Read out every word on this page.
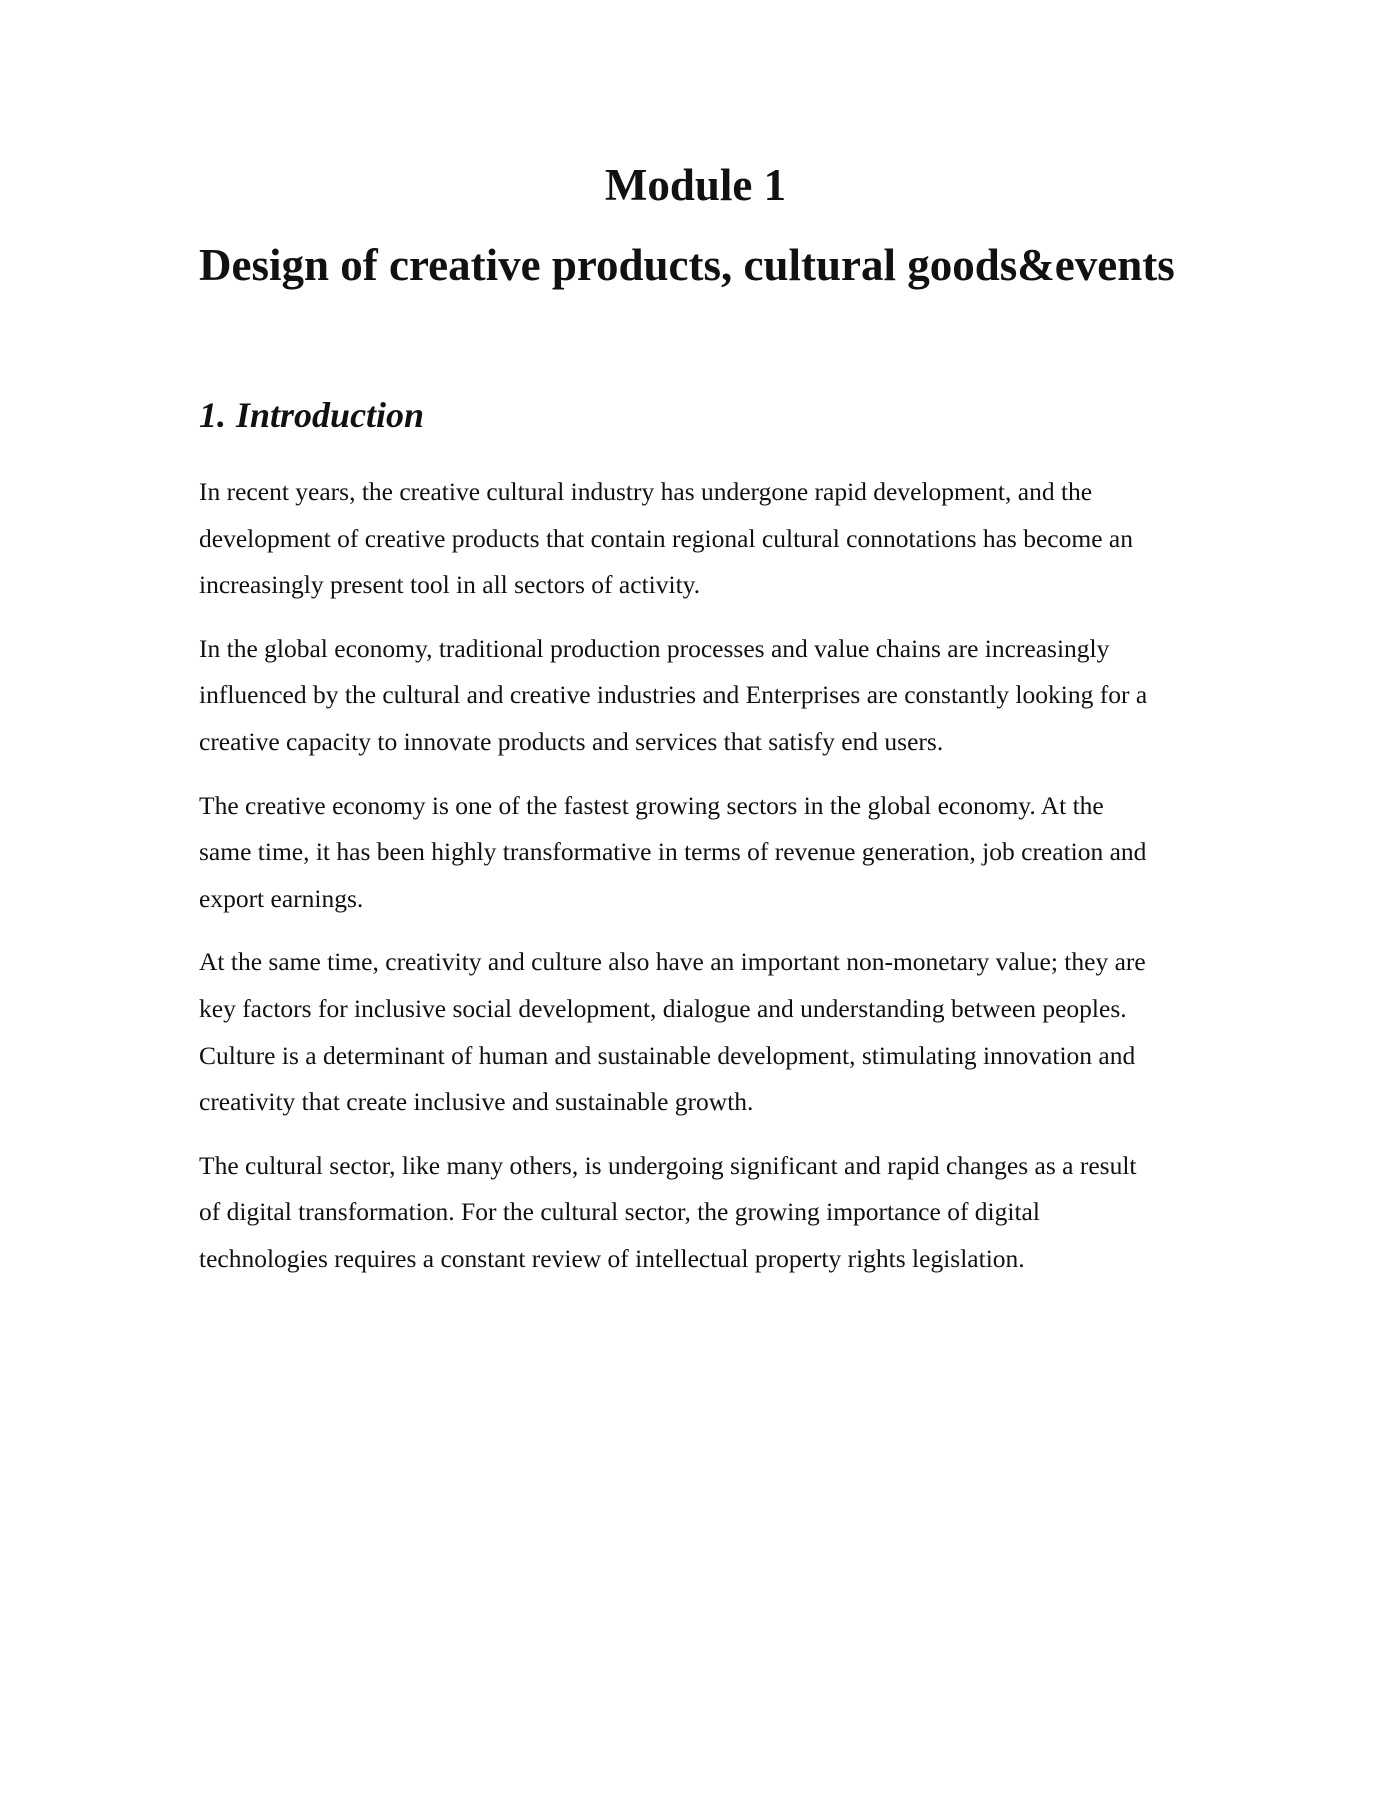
Module 1
Design of creative products, cultural goods&events
1. Introduction

In recent years, the creative cultural industry has undergone rapid development, and the
development of creative products that contain regional cultural connotations has become an
increasingly present tool in all sectors of activity.

In the global economy, traditional production processes and value chains are increasingly
influenced by the cultural and creative industries and Enterprises are constantly looking for a
creative capacity to innovate products and services that satisfy end users.

The creative economy is one of the fastest growing sectors in the global economy. At the
same time, it has been highly transformative in terms of revenue generation, job creation and
export earnings.

At the same time, creativity and culture also have an important non-monetary value; they are
key factors for inclusive social development, dialogue and understanding between peoples.
Culture is a determinant of human and sustainable development, stimulating innovation and
creativity that create inclusive and sustainable growth.

The cultural sector, like many others, is undergoing significant and rapid changes as a result
of digital transformation. For the cultural sector, the growing importance of digital
technologies requires a constant review of intellectual property rights legislation.
